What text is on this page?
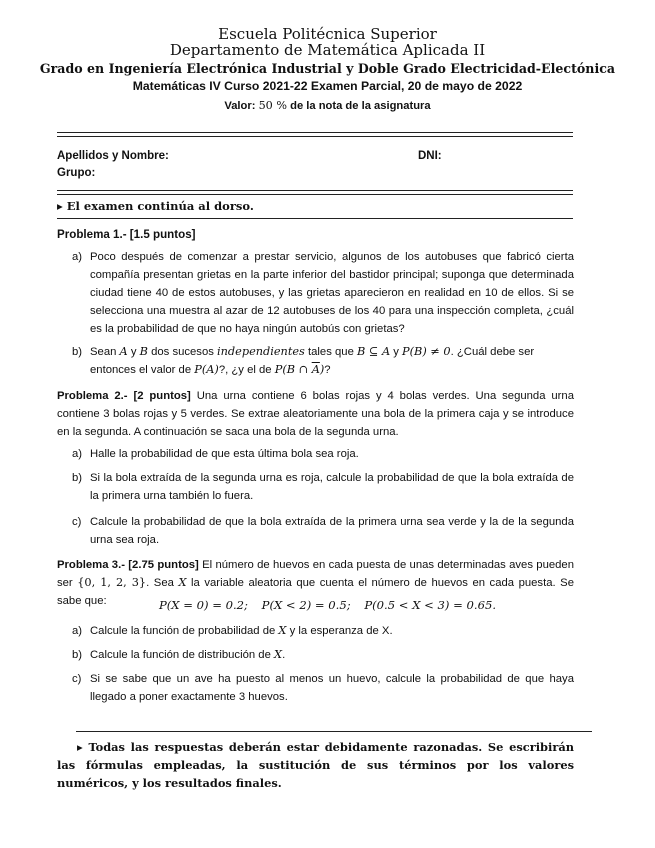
Escuela Politécnica Superior
Departamento de Matemática Aplicada II
Grado en Ingeniería Electrónica Industrial y Doble Grado Electricidad-Electónica
Matemáticas IV Curso 2021-22 Examen Parcial, 20 de mayo de 2022
Valor: 50 % de la nota de la asignatura
Apellidos y Nombre:	DNI:
Grupo:
▸ El examen continúa al dorso.
Problema 1.- [1.5 puntos]
a) Poco después de comenzar a prestar servicio, algunos de los autobuses que fabricó cierta compañía presentan grietas en la parte inferior del bastidor principal; suponga que determinada ciudad tiene 40 de estos autobuses, y las grietas aparecieron en realidad en 10 de ellos. Si se selecciona una muestra al azar de 12 autobuses de los 40 para una inspección completa, ¿cuál es la probabilidad de que no haya ningún autobús con grietas?
b) Sean A y B dos sucesos independientes tales que B ⊆ A y P(B) ≠ 0. ¿Cuál debe ser entonces el valor de P(A)?, ¿y el de P(B ∩ $\overline{A}$)?
Problema 2.- [2 puntos] Una urna contiene 6 bolas rojas y 4 bolas verdes. Una segunda urna contiene 3 bolas rojas y 5 verdes. Se extrae aleatoriamente una bola de la primera caja y se introduce en la segunda. A continuación se saca una bola de la segunda urna.
a) Halle la probabilidad de que esta última bola sea roja.
b) Si la bola extraída de la segunda urna es roja, calcule la probabilidad de que la bola extraída de la primera urna también lo fuera.
c) Calcule la probabilidad de que la bola extraída de la primera urna sea verde y la de la segunda urna sea roja.
Problema 3.- [2.75 puntos] El número de huevos en cada puesta de unas determinadas aves pueden ser {0, 1, 2, 3}. Sea X la variable aleatoria que cuenta el número de huevos en cada puesta. Se sabe que:	P(X = 0) = 0.2; P(X < 2) = 0.5; P(0.5 < X < 3) = 0.65.
a) Calcule la función de probabilidad de X y la esperanza de X.
b) Calcule la función de distribución de X.
c) Si se sabe que un ave ha puesto al menos un huevo, calcule la probabilidad de que haya llegado a poner exactamente 3 huevos.
▸ Todas las respuestas deberán estar debidamente razonadas. Se escribirán las fórmulas empleadas, la sustitución de sus términos por los valores numéricos, y los resultados finales.
